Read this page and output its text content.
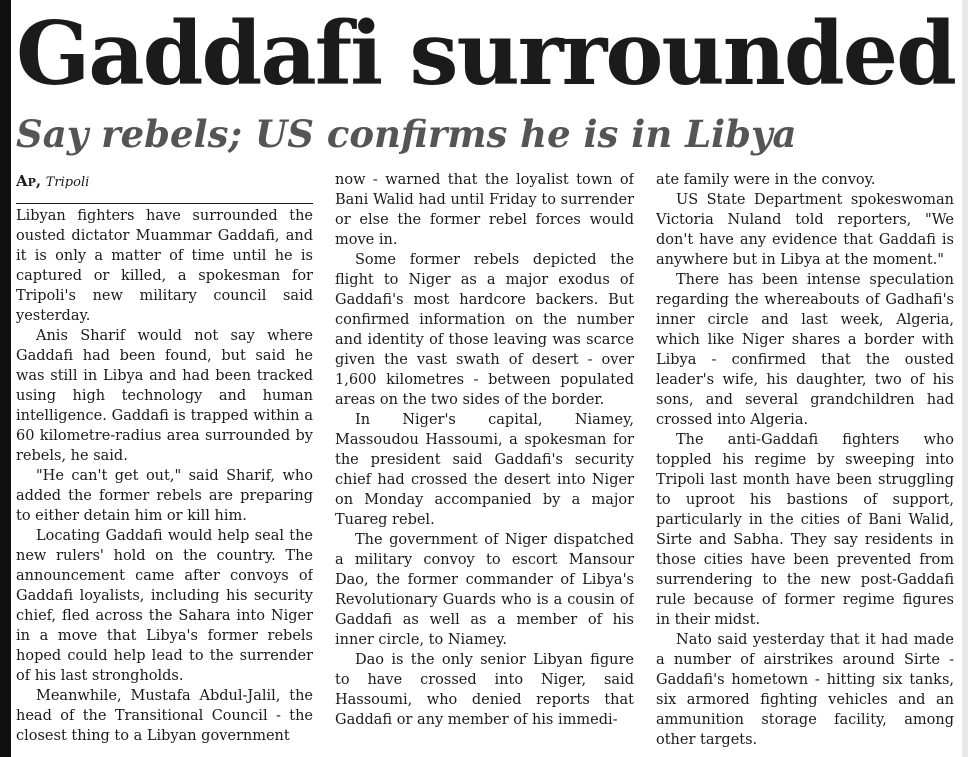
Gaddafi surrounded
Say rebels; US confirms he is in Libya
Ap, Tripoli

Libyan fighters have surrounded the ousted dictator Muammar Gaddafi, and it is only a matter of time until he is captured or killed, a spokesman for Tripoli's new military council said yesterday.

Anis Sharif would not say where Gaddafi had been found, but said he was still in Libya and had been tracked using high technology and human intelligence. Gaddafi is trapped within a 60 kilometre-radius area surrounded by rebels, he said.

"He can't get out," said Sharif, who added the former rebels are preparing to either detain him or kill him.

Locating Gaddafi would help seal the new rulers' hold on the country. The announcement came after convoys of Gaddafi loyalists, including his security chief, fled across the Sahara into Niger in a move that Libya's former rebels hoped could help lead to the surrender of his last strongholds.

Meanwhile, Mustafa Abdul-Jalil, the head of the Transitional Council - the closest thing to a Libyan government

now - warned that the loyalist town of Bani Walid had until Friday to surrender or else the former rebel forces would move in.

Some former rebels depicted the flight to Niger as a major exodus of Gaddafi's most hardcore backers. But confirmed information on the number and identity of those leaving was scarce given the vast swath of desert - over 1,600 kilometres - between populated areas on the two sides of the border.

In Niger's capital, Niamey, Massoudou Hassoumi, a spokesman for the president said Gaddafi's security chief had crossed the desert into Niger on Monday accompanied by a major Tuareg rebel.

The government of Niger dispatched a military convoy to escort Mansour Dao, the former commander of Libya's Revolutionary Guards who is a cousin of Gaddafi as well as a member of his inner circle, to Niamey.

Dao is the only senior Libyan figure to have crossed into Niger, said Hassoumi, who denied reports that Gaddafi or any member of his immedi-

ate family were in the convoy.

US State Department spokeswoman Victoria Nuland told reporters, "We don't have any evidence that Gaddafi is anywhere but in Libya at the moment."

There has been intense speculation regarding the whereabouts of Gadhafi's inner circle and last week, Algeria, which like Niger shares a border with Libya - confirmed that the ousted leader's wife, his daughter, two of his sons, and several grandchildren had crossed into Algeria.

The anti-Gaddafi fighters who toppled his regime by sweeping into Tripoli last month have been struggling to uproot his bastions of support, particularly in the cities of Bani Walid, Sirte and Sabha. They say residents in those cities have been prevented from surrendering to the new post-Gaddafi rule because of former regime figures in their midst.

Nato said yesterday that it had made a number of airstrikes around Sirte - Gaddafi's hometown - hitting six tanks, six armored fighting vehicles and an ammunition storage facility, among other targets.
